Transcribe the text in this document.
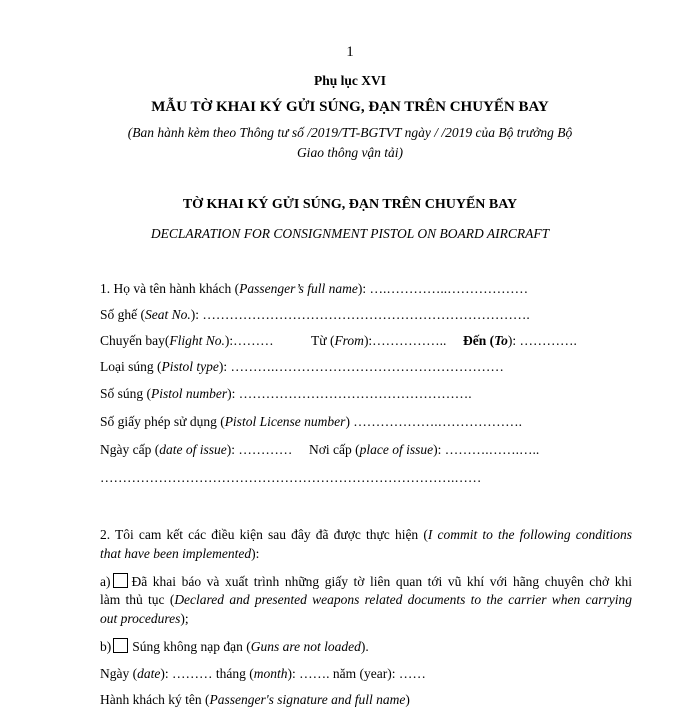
1
Phụ lục XVI
MẪU TỜ KHAI KÝ GỬI SÚNG, ĐẠN TRÊN CHUYẾN BAY
(Ban hành kèm theo Thông tư số /2019/TT-BGTVT ngày / /2019 của Bộ trưởng Bộ
Giao thông vận tải)
TỜ KHAI KÝ GỬI SÚNG, ĐẠN TRÊN CHUYẾN BAY
DECLARATION FOR CONSIGNMENT PISTOL ON BOARD AIRCRAFT
1. Họ và tên hành khách (Passenger’s full name): ….…………..………………
Số ghế (Seat No.): ……………………………………………………………….
Chuyến bay(Flight No.):………	Từ (From):…………….. Đến (To): ………….
Loại súng (Pistol type): ……….……………………………………………
Số súng (Pistol number): …………………………………………….
Số giấy phép sử dụng (Pistol License number) ……………….……………….
Ngày cấp (date of issue): ………… Nơi cấp (place of issue): ……….…….…..
…………………………………………………………………….……
2. Tôi cam kết các điều kiện sau đây đã được thực hiện (I commit to the following conditions
that have been implemented):
a) Đã khai báo và xuất trình những giấy tờ liên quan tới vũ khí với hãng chuyên chở khi
làm thủ tục (Declared and presented weapons related documents to the carrier when carrying
out procedures);
b) Súng không nạp đạn (Guns are not loaded).
Ngày (date): ……… tháng (month): ……. năm (year): ……
Hành khách ký tên (Passenger's signature and full name)
